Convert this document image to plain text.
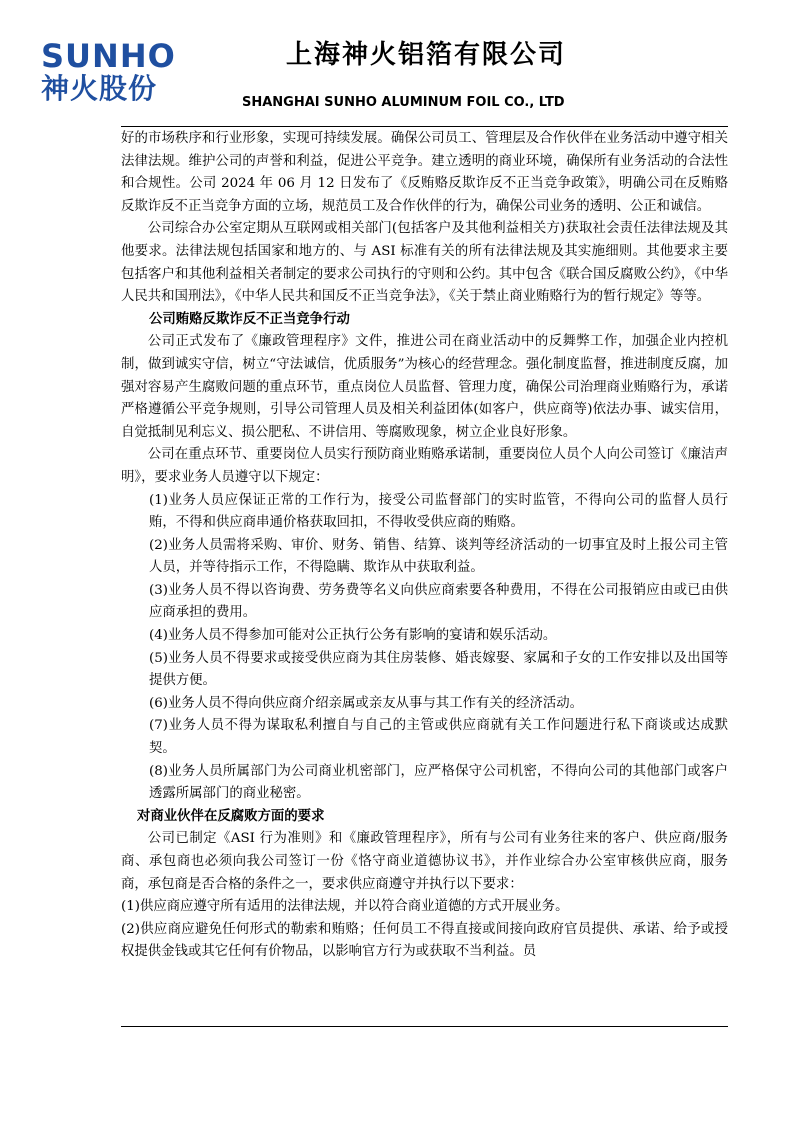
SUNHO
神火股份
上海神火铝箔有限公司
SHANGHAI SUNHO ALUMINUM FOIL CO., LTD

好的市场秩序和行业形象，实现可持续发展。确保公司员工、管理层及合作伙伴在业务活动中遵守相关法律法规。维护公司的声誉和利益，促进公平竞争。建立透明的商业环境，确保所有业务活动的合法性和合规性。公司 2024 年 06 月 12 日发布了《反贿赂反欺诈反不正当竞争政策》，明确公司在反贿赂反欺诈反不正当竞争方面的立场，规范员工及合作伙伴的行为，确保公司业务的透明、公正和诚信。

公司综合办公室定期从互联网或相关部门(包括客户及其他利益相关方)获取社会责任法律法规及其他要求。法律法规包括国家和地方的、与 ASI 标准有关的所有法律法规及其实施细则。其他要求主要包括客户和其他利益相关者制定的要求公司执行的守则和公约。其中包含《联合国反腐败公约》，《中华人民共和国刑法》，《中华人民共和国反不正当竞争法》，《关于禁止商业贿赂行为的暂行规定》等等。

公司贿赂反欺诈反不正当竞争行动

公司正式发布了《廉政管理程序》文件，推进公司在商业活动中的反舞弊工作，加强企业内控机制，做到诚实守信，树立“守法诚信，优质服务”为核心的经营理念。强化制度监督，推进制度反腐，加强对容易产生腐败问题的重点环节，重点岗位人员监督、管理力度，确保公司治理商业贿赂行为，承诺严格遵循公平竞争规则，引导公司管理人员及相关利益团体(如客户，供应商等)依法办事、诚实信用，自觉抵制见利忘义、损公肥私、不讲信用、等腐败现象，树立企业良好形象。

公司在重点环节、重要岗位人员实行预防商业贿赂承诺制，重要岗位人员个人向公司签订《廉洁声明》，要求业务人员遵守以下规定：

(1)业务人员应保证正常的工作行为，接受公司监督部门的实时监管，不得向公司的监督人员行贿，不得和供应商串通价格获取回扣，不得收受供应商的贿赂。

(2)业务人员需将采购、审价、财务、销售、结算、谈判等经济活动的一切事宜及时上报公司主管人员，并等待指示工作，不得隐瞒、欺诈从中获取利益。

(3)业务人员不得以咨询费、劳务费等名义向供应商索要各种费用，不得在公司报销应由或已由供应商承担的费用。

(4)业务人员不得参加可能对公正执行公务有影响的宴请和娱乐活动。

(5)业务人员不得要求或接受供应商为其住房装修、婚丧嫁娶、家属和子女的工作安排以及出国等提供方便。

(6)业务人员不得向供应商介绍亲属或亲友从事与其工作有关的经济活动。

(7)业务人员不得为谋取私利擅自与自己的主管或供应商就有关工作问题进行私下商谈或达成默契。

(8)业务人员所属部门为公司商业机密部门，应严格保守公司机密，不得向公司的其他部门或客户透露所属部门的商业秘密。

对商业伙伴在反腐败方面的要求

公司已制定《ASI 行为准则》和《廉政管理程序》，所有与公司有业务往来的客户、供应商/服务商、承包商也必须向我公司签订一份《恪守商业道德协议书》，并作业综合办公室审核供应商，服务商，承包商是否合格的条件之一，要求供应商遵守并执行以下要求：

(1)供应商应遵守所有适用的法律法规，并以符合商业道德的方式开展业务。

(2)供应商应避免任何形式的勒索和贿赂；任何员工不得直接或间接向政府官员提供、承诺、给予或授权提供金钱或其它任何有价物品，以影响官方行为或获取不当利益。员
